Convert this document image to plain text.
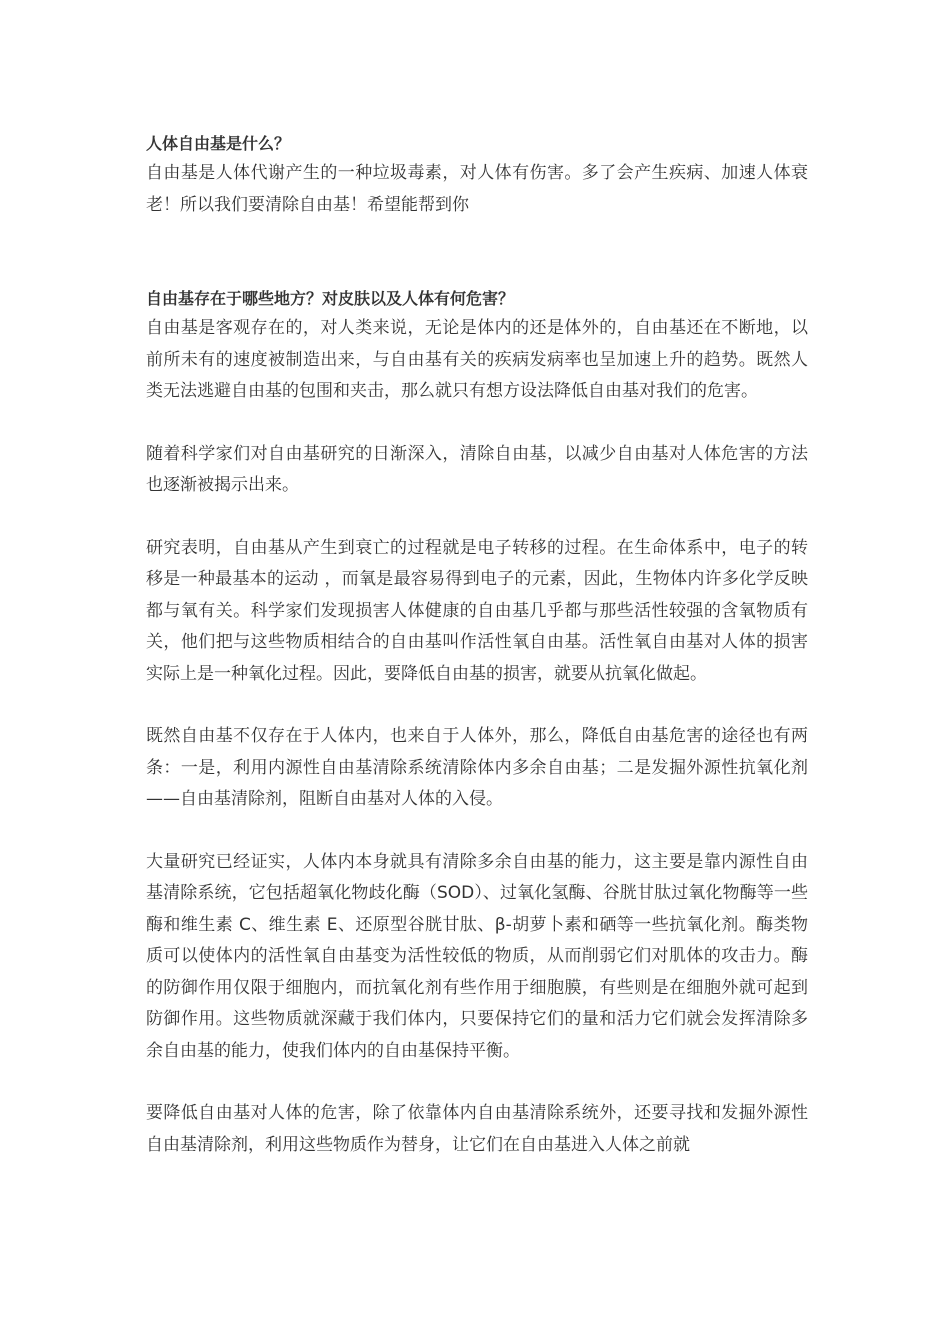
人体自由基是什么？

自由基是人体代谢产生的一种垃圾毒素，对人体有伤害。多了会产生疾病、加速人体衰老！所以我们要清除自由基！希望能帮到你

自由基存在于哪些地方？对皮肤以及人体有何危害？

自由基是客观存在的，对人类来说，无论是体内的还是体外的，自由基还在不断地，以前所未有的速度被制造出来，与自由基有关的疾病发病率也呈加速上升的趋势。既然人类无法逃避自由基的包围和夹击，那么就只有想方设法降低自由基对我们的危害。

随着科学家们对自由基研究的日渐深入，清除自由基，以减少自由基对人体危害的方法也逐渐被揭示出来。

研究表明，自由基从产生到衰亡的过程就是电子转移的过程。在生命体系中，电子的转移是一种最基本的运动 ，而氧是最容易得到电子的元素，因此，生物体内许多化学反映都与氧有关。科学家们发现损害人体健康的自由基几乎都与那些活性较强的含氧物质有关，他们把与这些物质相结合的自由基叫作活性氧自由基。活性氧自由基对人体的损害实际上是一种氧化过程。因此，要降低自由基的损害，就要从抗氧化做起。

既然自由基不仅存在于人体内，也来自于人体外，那么，降低自由基危害的途径也有两条：一是，利用内源性自由基清除系统清除体内多余自由基；二是发掘外源性抗氧化剂——自由基清除剂，阻断自由基对人体的入侵。

大量研究已经证实，人体内本身就具有清除多余自由基的能力，这主要是靠内源性自由基清除系统，它包括超氧化物歧化酶（SOD）、过氧化氢酶、谷胱甘肽过氧化物酶等一些酶和维生素 C、维生素 E、还原型谷胱甘肽、β-胡萝卜素和硒等一些抗氧化剂。酶类物质可以使体内的活性氧自由基变为活性较低的物质，从而削弱它们对肌体的攻击力。酶的防御作用仅限于细胞内，而抗氧化剂有些作用于细胞膜，有些则是在细胞外就可起到防御作用。这些物质就深藏于我们体内，只要保持它们的量和活力它们就会发挥清除多余自由基的能力，使我们体内的自由基保持平衡。

要降低自由基对人体的危害，除了依靠体内自由基清除系统外，还要寻找和发掘外源性自由基清除剂，利用这些物质作为替身，让它们在自由基进入人体之前就
